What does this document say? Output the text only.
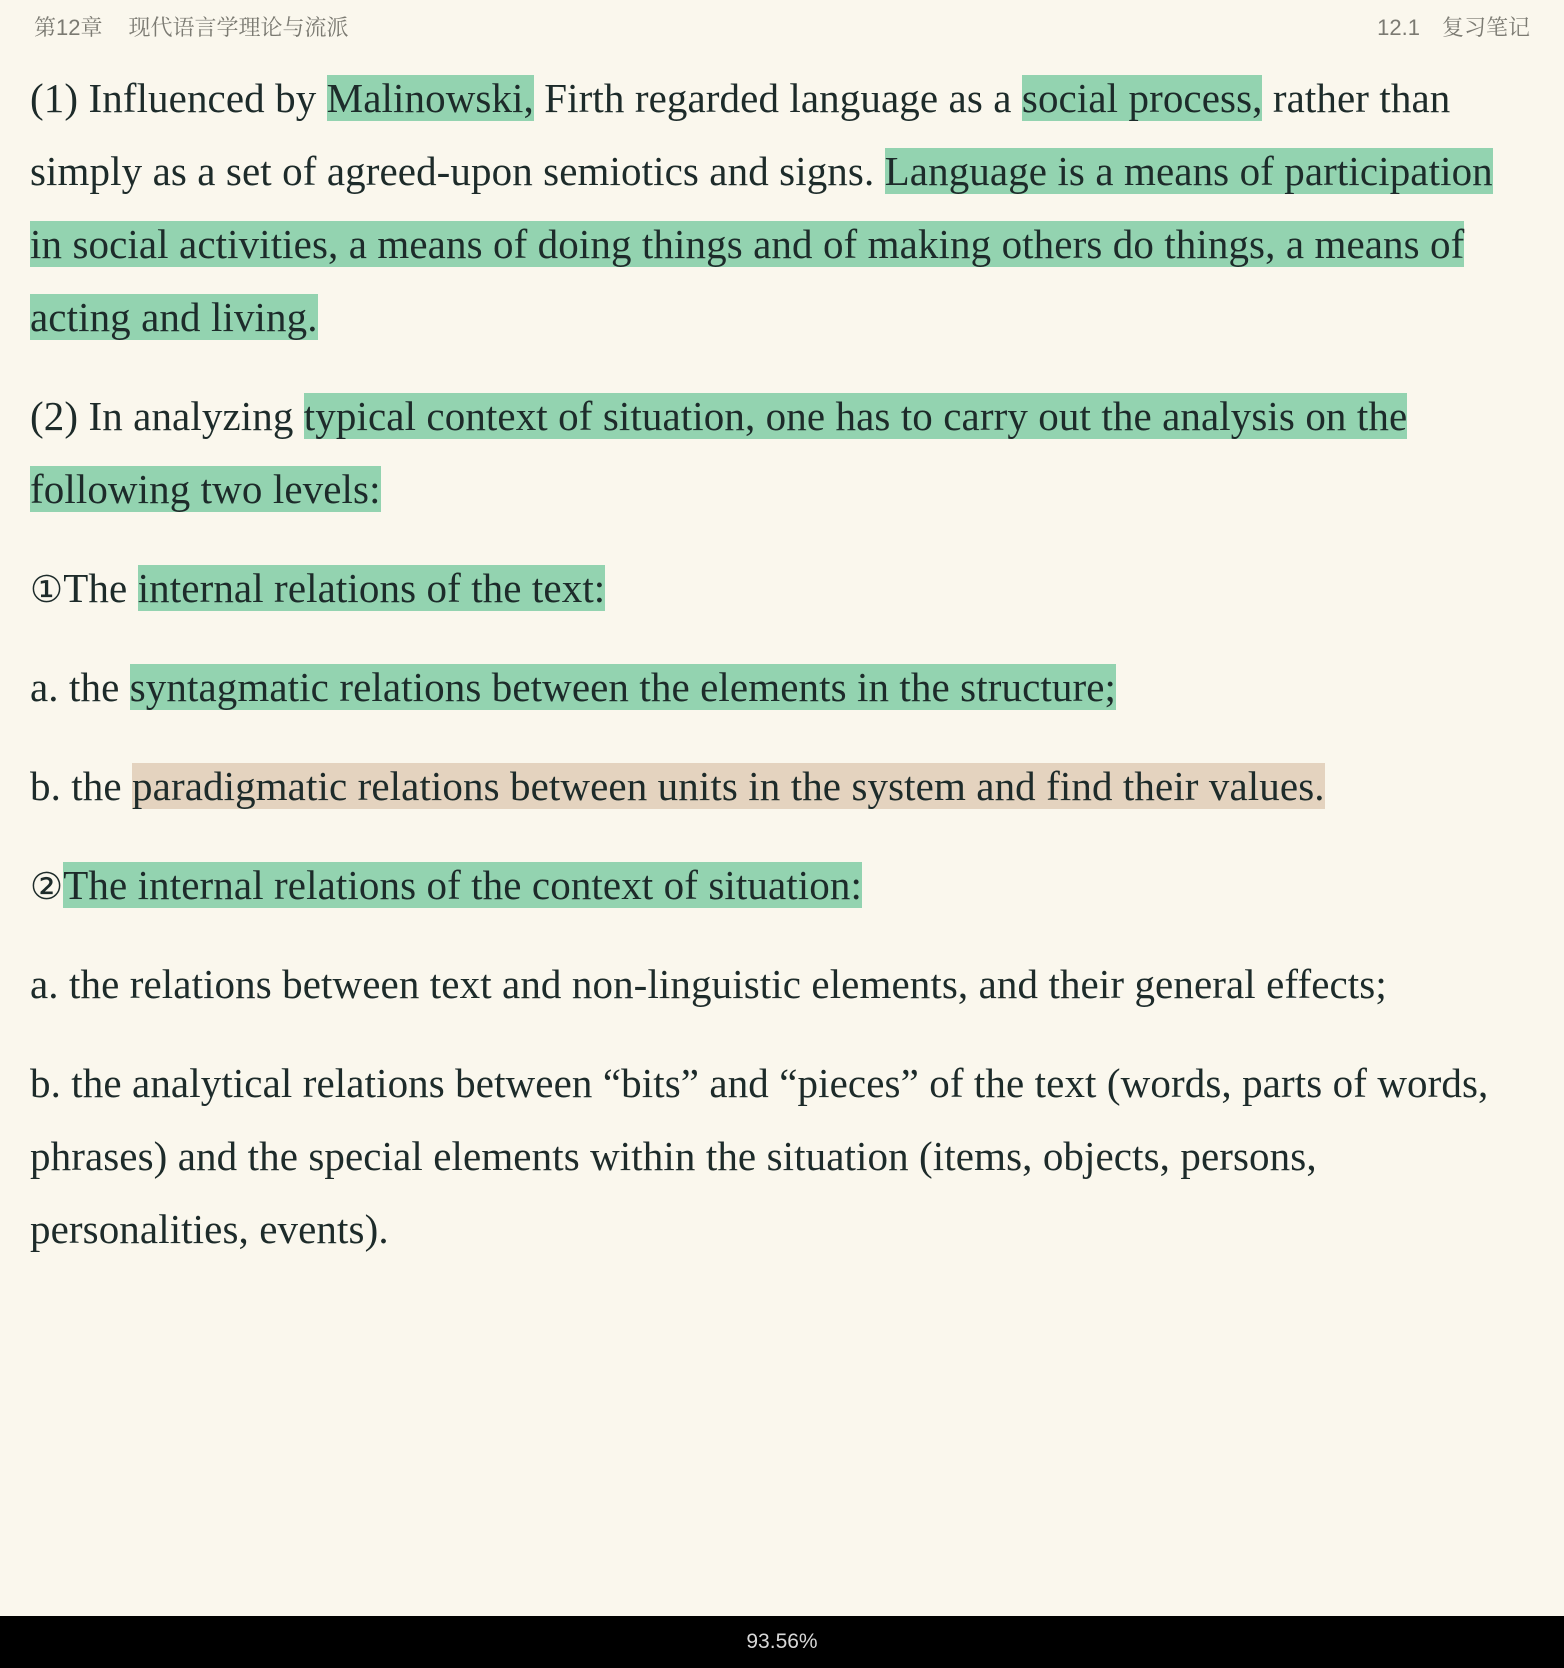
第12章 现代语言学理论与流派	12.1 复习笔记

(1) Influenced by Malinowski, Firth regarded language as a social process, rather than simply as a set of agreed-upon semiotics and signs. Language is a means of participation in social activities, a means of doing things and of making others do things, a means of acting and living.

(2) In analyzing typical context of situation, one has to carry out the analysis on the following two levels:

①The internal relations of the text:

a. the syntagmatic relations between the elements in the structure;

b. the paradigmatic relations between units in the system and find their values.

②The internal relations of the context of situation:

a. the relations between text and non-linguistic elements, and their general effects;

b. the analytical relations between “bits” and “pieces” of the text (words, parts of words, phrases) and the special elements within the situation (items, objects, persons, personalities, events).

93.56%
